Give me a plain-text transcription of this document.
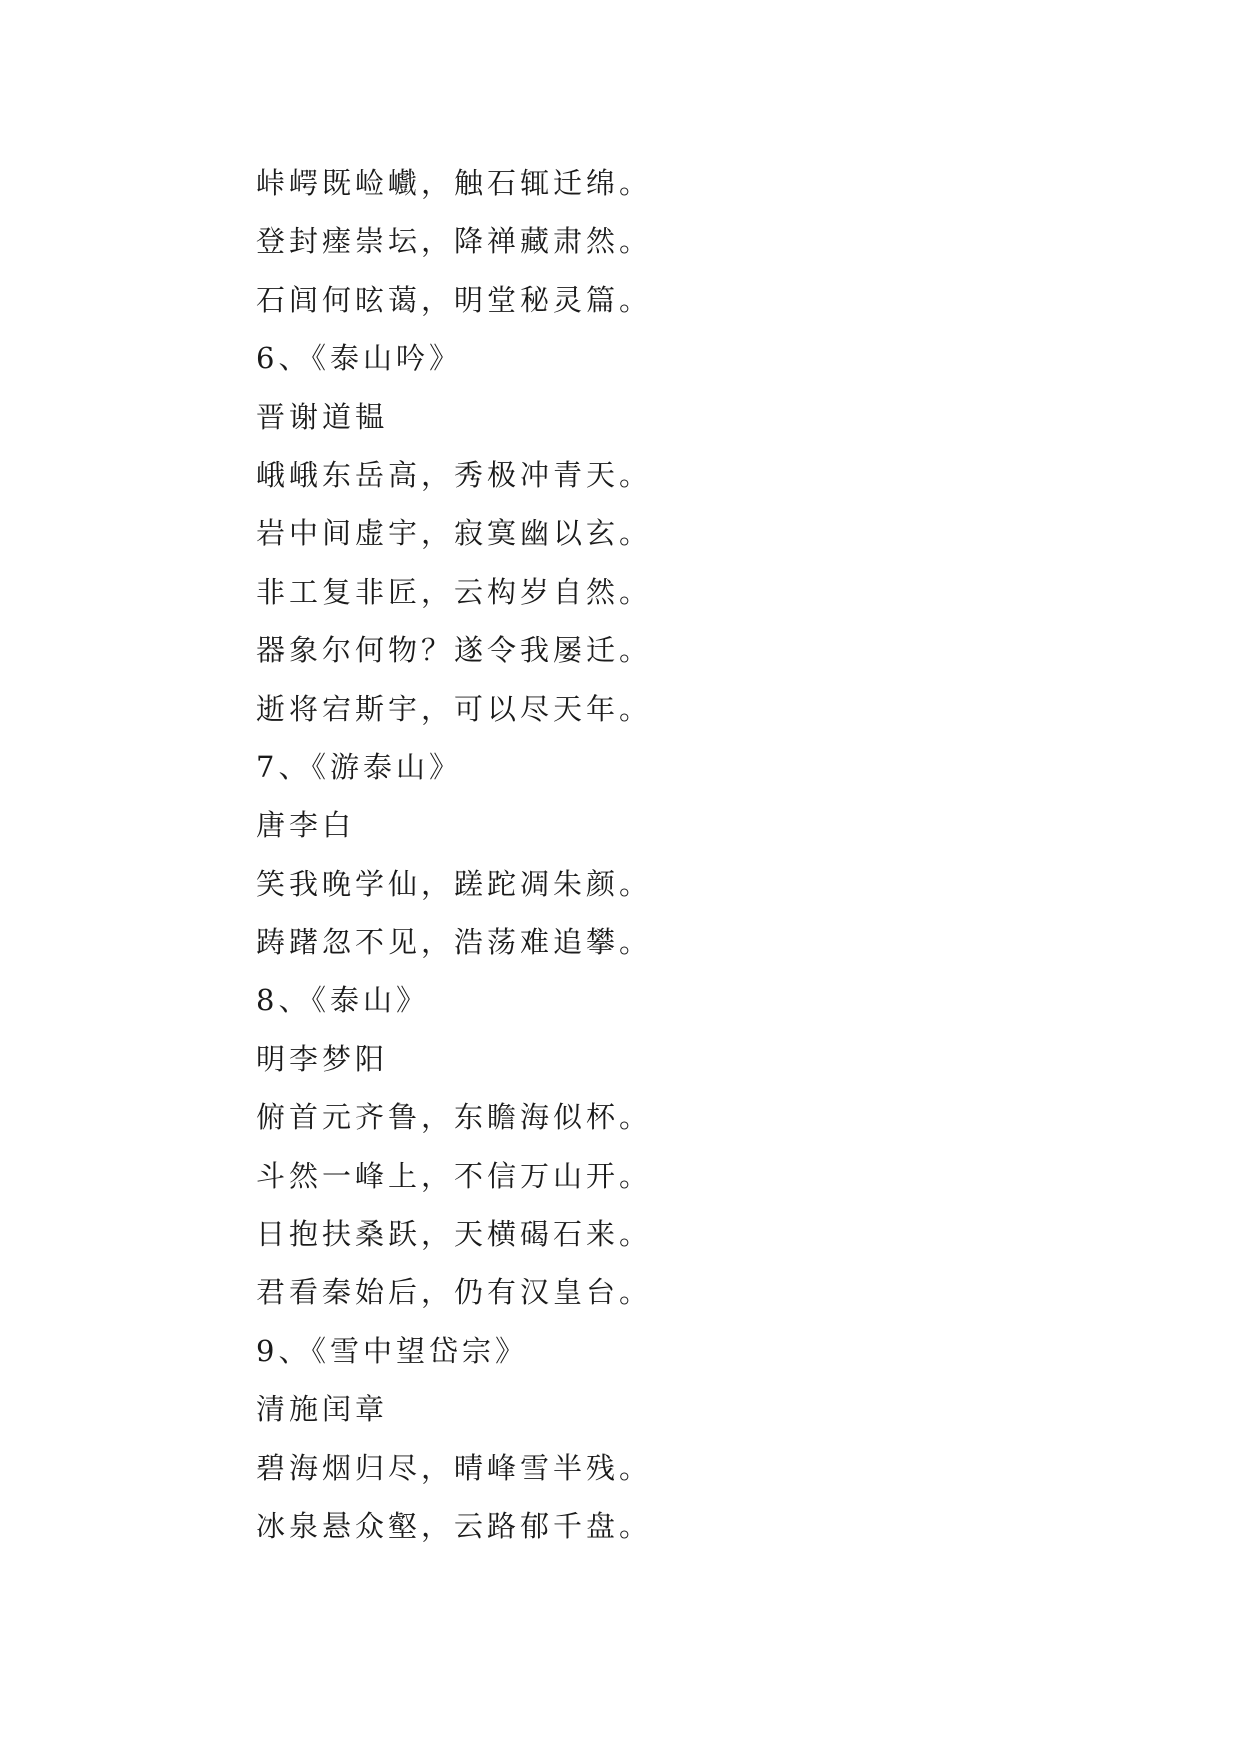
峠崿既崄巇，触石辄迁绵。
登封瘗崇坛，降禅藏肃然。
石闾何昡蔼，明堂秘灵篇。
6、《泰山吟》
晋谢道韫
峨峨东岳高，秀极冲青天。
岩中间虚宇，寂寞幽以玄。
非工复非匠，云构岁自然。
器象尔何物？遂令我屡迁。
逝将宕斯宇，可以尽天年。
7、《游泰山》
唐李白
笑我晚学仙，蹉跎凋朱颜。
踌躇忽不见，浩荡难追攀。
8、《泰山》
明李梦阳
俯首元齐鲁，东瞻海似杯。
斗然一峰上，不信万山开。
日抱扶桑跃，天横碣石来。
君看秦始后，仍有汉皇台。
9、《雪中望岱宗》
清施闰章
碧海烟归尽，晴峰雪半残。
冰泉悬众壑，云路郁千盘。
